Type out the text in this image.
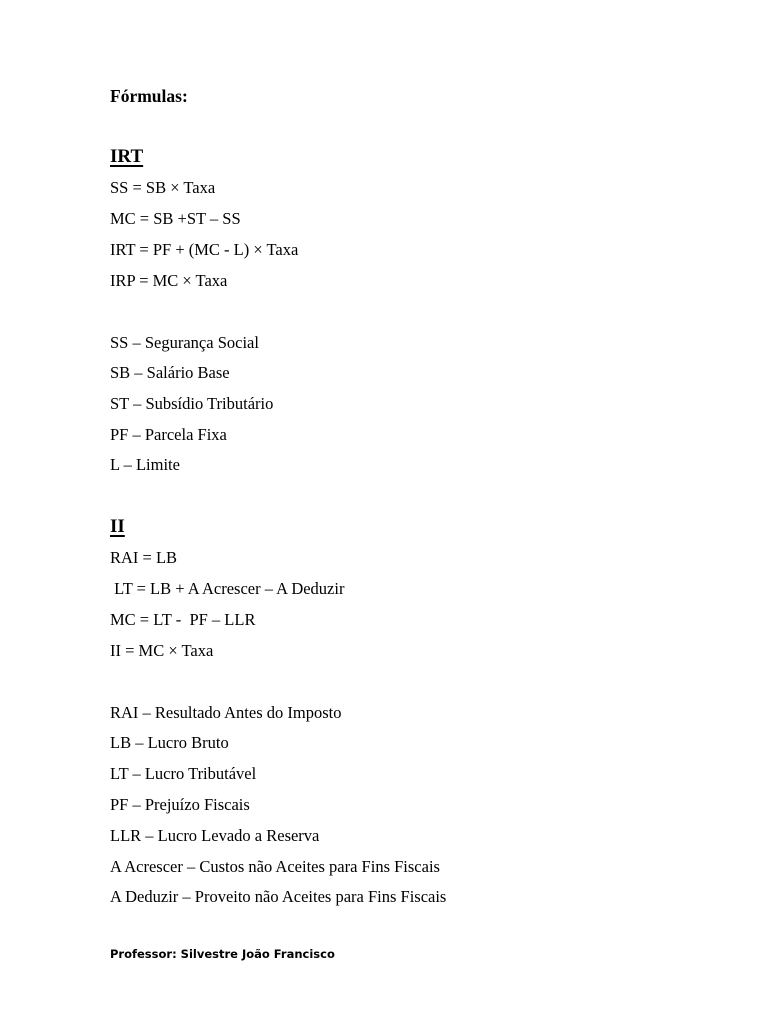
Fórmulas:
IRT
SS = SB × Taxa
MC = SB +ST – SS
IRT = PF + (MC - L) × Taxa
IRP = MC × Taxa
SS – Segurança Social
SB – Salário Base
ST – Subsídio Tributário
PF – Parcela Fixa
L – Limite
II
RAI = LB
LT = LB + A Acrescer – A Deduzir
MC = LT -  PF – LLR
II = MC × Taxa
RAI – Resultado Antes do Imposto
LB – Lucro Bruto
LT – Lucro Tributável
PF – Prejuízo Fiscais
LLR – Lucro Levado a Reserva
A Acrescer – Custos não Aceites para Fins Fiscais
A Deduzir – Proveito não Aceites para Fins Fiscais
Professor: Silvestre João Francisco
